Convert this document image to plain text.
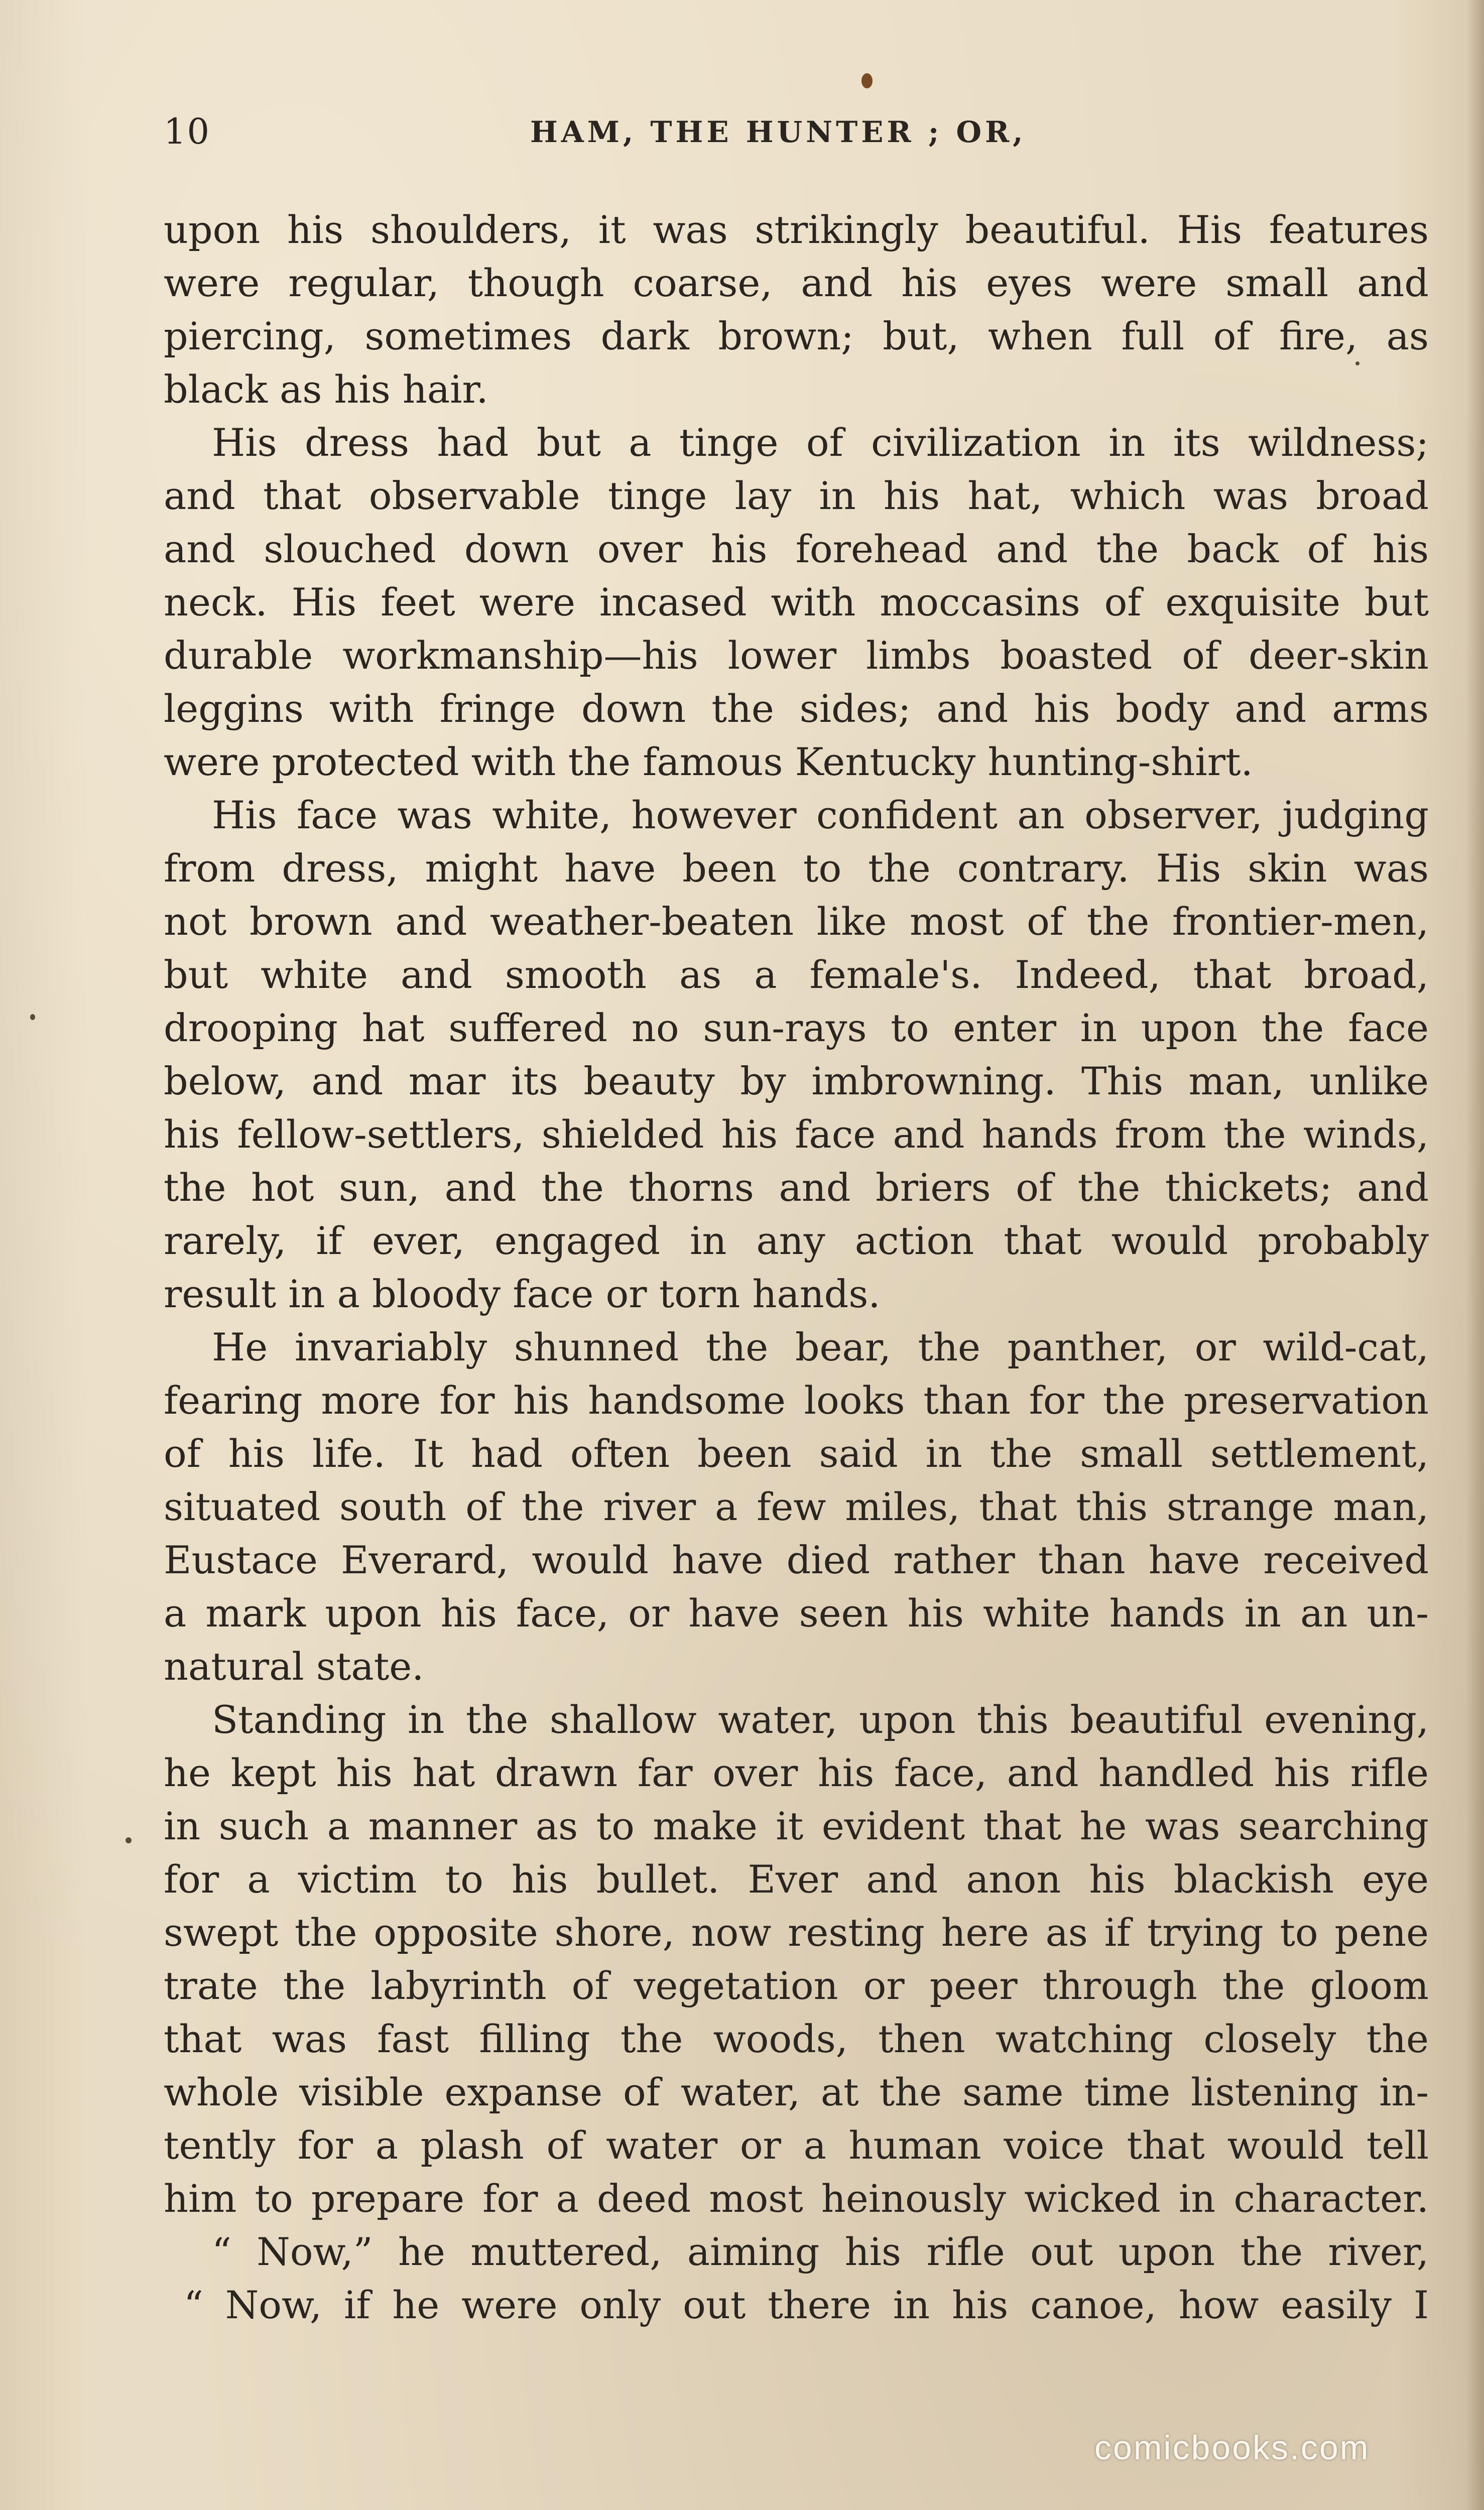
10	HAM, THE HUNTER ; OR,
upon his shoulders, it was strikingly beautiful. His features
were regular, though coarse, and his eyes were small and
piercing, sometimes dark brown; but, when full of fire, as
black as his hair.
His dress had but a tinge of civilization in its wildness;
and that observable tinge lay in his hat, which was broad
and slouched down over his forehead and the back of his
neck. His feet were incased with moccasins of exquisite but
durable workmanship—his lower limbs boasted of deer-skin
leggins with fringe down the sides; and his body and arms
were protected with the famous Kentucky hunting-shirt.
His face was white, however confident an observer, judging
from dress, might have been to the contrary. His skin was
not brown and weather-beaten like most of the frontier-men,
but white and smooth as a female's. Indeed, that broad,
drooping hat suffered no sun-rays to enter in upon the face
below, and mar its beauty by imbrowning. This man, unlike
his fellow-settlers, shielded his face and hands from the winds,
the hot sun, and the thorns and briers of the thickets; and
rarely, if ever, engaged in any action that would probably
result in a bloody face or torn hands.
He invariably shunned the bear, the panther, or wild-cat,
fearing more for his handsome looks than for the preservation
of his life. It had often been said in the small settlement,
situated south of the river a few miles, that this strange man,
Eustace Everard, would have died rather than have received
a mark upon his face, or have seen his white hands in an un-
natural state.
Standing in the shallow water, upon this beautiful evening,
he kept his hat drawn far over his face, and handled his rifle
in such a manner as to make it evident that he was searching
for a victim to his bullet. Ever and anon his blackish eye
swept the opposite shore, now resting here as if trying to pene
trate the labyrinth of vegetation or peer through the gloom
that was fast filling the woods, then watching closely the
whole visible expanse of water, at the same time listening in-
tently for a plash of water or a human voice that would tell
him to prepare for a deed most heinously wicked in character.
“ Now,” he muttered, aiming his rifle out upon the river,
“ Now, if he were only out there in his canoe, how easily I
comicbooks.com
